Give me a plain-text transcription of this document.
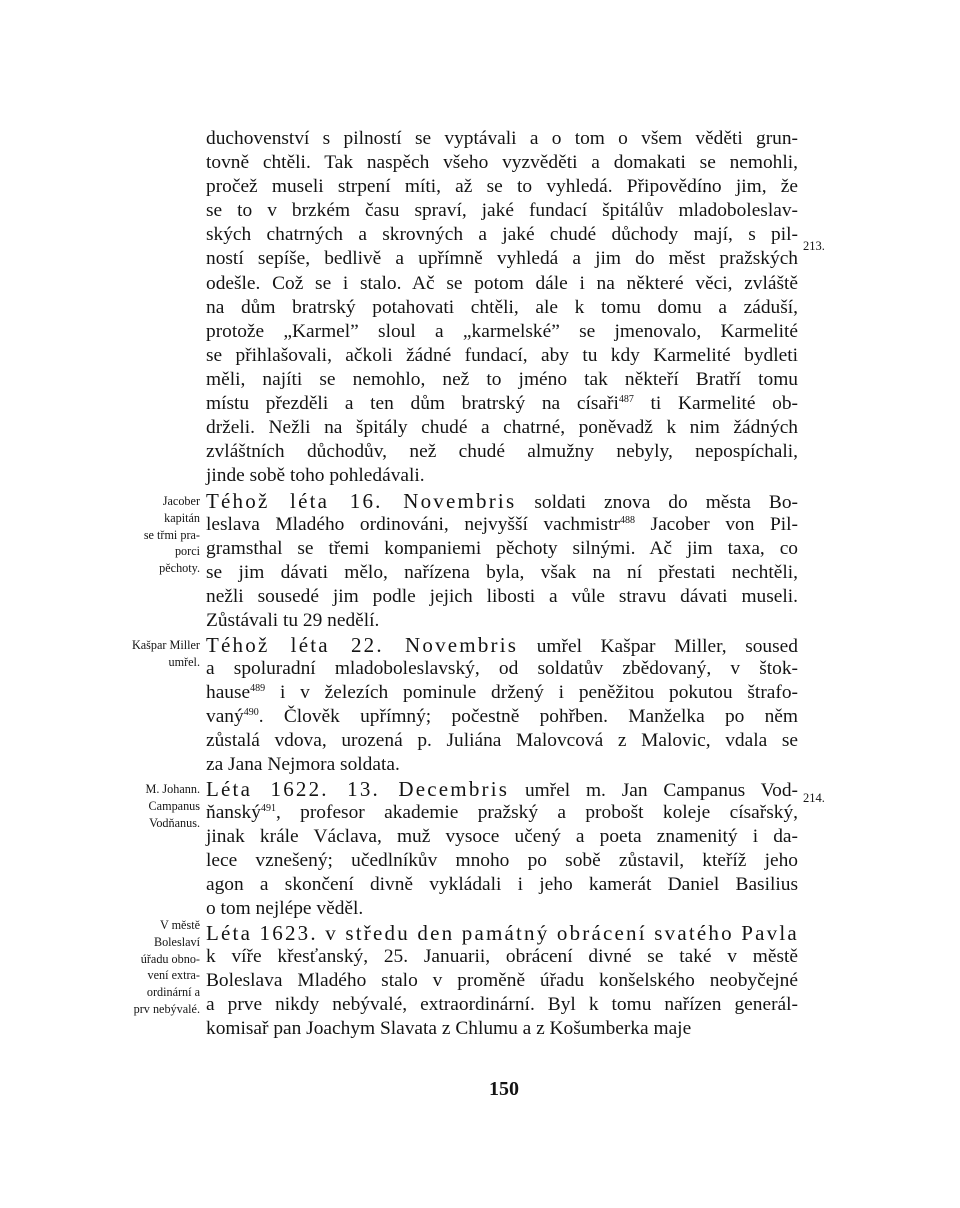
duchovenství s pilností se vyptávali a o tom o všem věděti grun-
tovně chtěli. Tak naspěch všeho vyzvěděti a domakati se nemohli,
pročež museli strpení míti, až se to vyhledá. Připovědíno jim, že
se to v brzkém času spraví, jaké fundací špitálův mladoboleslav-
ských chatrných a skrovných a jaké chudé důchody mají, s pil-
ností sepíše, bedlivě a upřímně vyhledá a jim do měst pražských
odešle. Což se i stalo. Ač se potom dále i na některé věci, zvláště
na dům bratrský potahovati chtěli, ale k tomu domu a záduší,
protože „Karmel” sloul a „karmelské” se jmenovalo, Karmelité
se přihlašovali, ačkoli žádné fundací, aby tu kdy Karmelité bydleti
měli, najíti se nemohlo, než to jméno tak někteří Bratří tomu
místu přezděli a ten dům bratrský na císaři$^{487}$ ti Karmelité ob-
drželi. Nežli na špitály chudé a chatrné, poněvadž k nim žádných
zvláštních důchodův, než chudé almužny nebyly, nepospíchali,
jinde sobě toho pohledávali.
Téhož léta 16. Novembris soldati znova do města Bo-
leslava Mladého ordinováni, nejvyšší vachmistr$^{488}$ Jacober von Pil-
gramsthal se třemi kompaniemi pěchoty silnými. Ač jim taxa, co
se jim dávati mělo, nařízena byla, však na ní přestati nechtěli,
nežli sousedé jim podle jejich libosti a vůle stravu dávati museli.
Zůstávali tu 29 nedělí.
Téhož léta 22. Novembris umřel Kašpar Miller, soused
a spoluradní mladoboleslavský, od soldatův zbědovaný, v štok-
hause$^{489}$ i v železích pominule držený i peněžitou pokutou štrafo-
vaný$^{490}$. Člověk upřímný; počestně pohřben. Manželka po něm
zůstalá vdova, urozená p. Juliána Malovcová z Malovic, vdala se
za Jana Nejmora soldata.
Léta 1622. 13. Decembris umřel m. Jan Campanus Vod-
ňanský$^{491}$, profesor akademie pražský a probošt koleje císařský,
jinak krále Václava, muž vysoce učený a poeta znamenitý i da-
lece vznešený; učedlníkův mnoho po sobě zůstavil, kteříž jeho
agon a skončení divně vykládali i jeho kamerát Daniel Basilius
o tom nejlépe věděl.
Léta 1623. v středu den památný obrácení svatého Pavla
k víře křesťanský, 25. Januarii, obrácení divné se také v městě
Boleslava Mladého stalo v proměně úřadu konšelského neobyčejné
a prve nikdy nebývalé, extraordinární. Byl k tomu nařízen generál-
komisař pan Joachym Slavata z Chlumu a z Košumberka maje
Jacober
kapitán
se třmi pra-
porci
pěchoty.
Kašpar Miller
umřel.
M. Johann.
Campanus
Vodňanus.
V městě
Boleslaví
úřadu obno-
vení extra-
ordinární a
prv nebývalé.
213.
214.
150
